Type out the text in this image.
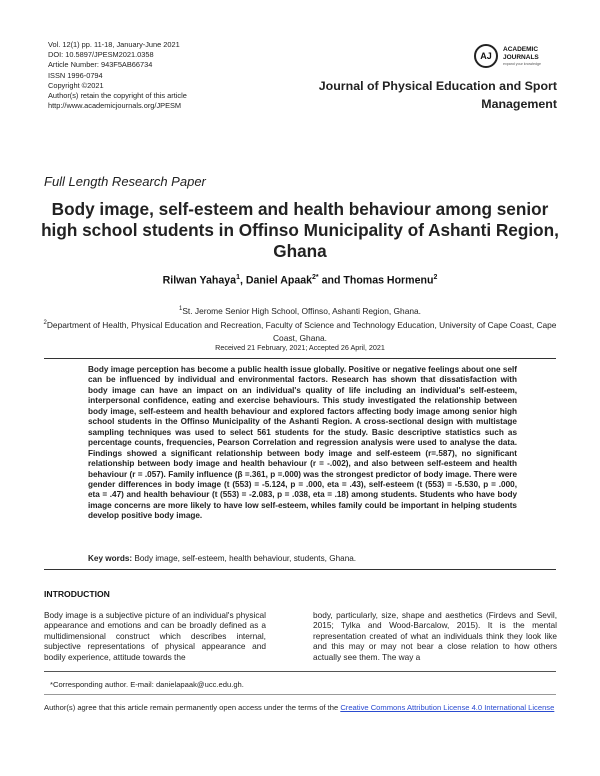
Vol. 12(1) pp. 11-18, January-June 2021
DOI: 10.5897/JPESM2021.0358
Article Number: 943F5AB66734
ISSN 1996-0794
Copyright ©2021
Author(s) retain the copyright of this article
http://www.academicjournals.org/JPESM
AJ
ACADEMIC
JOURNALS
expand your knowledge
Journal of Physical Education and Sport Management
Full Length Research Paper
Body image, self-esteem and health behaviour among senior high school students in Offinso Municipality of Ashanti Region, Ghana
Rilwan Yahaya$^1$, Daniel Apaak$^{2*}$ and Thomas Hormenu$^2$
$^1$St. Jerome Senior High School, Offinso, Ashanti Region, Ghana.
$^2$Department of Health, Physical Education and Recreation, Faculty of Science and Technology Education, University of Cape Coast, Cape Coast, Ghana.
Received 21 February, 2021; Accepted 26 April, 2021
Body image perception has become a public health issue globally. Positive or negative feelings about one self can be influenced by individual and environmental factors. Research has shown that dissatisfaction with body image can have an impact on an individual's quality of life including an individual's self-esteem, interpersonal confidence, eating and exercise behaviours. This study investigated the relationship between body image, self-esteem and health behaviour and explored factors affecting body image among senior high school students in the Offinso Municipality of the Ashanti Region. A cross-sectional design with multistage sampling techniques was used to select 561 students for the study. Basic descriptive statistics such as percentage counts, frequencies, Pearson Correlation and regression analysis were used to analyse the data. Findings showed a significant relationship between body image and self-esteem (r=.587), no significant relationship between body image and health behaviour (r = -.002), and also between self-esteem and health behaviour (r = .057). Family influence (β =.361, p =.000) was the strongest predictor of body image. There were gender differences in body image (t (553) = -5.124, p = .000, eta = .43), self-esteem (t (553) = -5.530, p = .000, eta = .47) and health behaviour (t (553) = -2.083, p = .038, eta = .18) among students. Students who have body image concerns are more likely to have low self-esteem, whiles family could be important in helping students develop positive body image.
Key words: Body image, self-esteem, health behaviour, students, Ghana.
INTRODUCTION
Body image is a subjective picture of an individual's physical appearance and emotions and can be broadly defined as a multidimensional construct which describes internal, subjective representations of physical appearance and bodily experience, attitude towards the
body, particularly, size, shape and aesthetics (Firdevs and Sevil, 2015; Tylka and Wood-Barcalow, 2015). It is the mental representation created of what an individuals think they look like and this may or may not bear a close relation to how others actually see them. The way a
*Corresponding author. E-mail: danielapaak@ucc.edu.gh.
Author(s) agree that this article remain permanently open access under the terms of the Creative Commons Attribution License 4.0 International License
